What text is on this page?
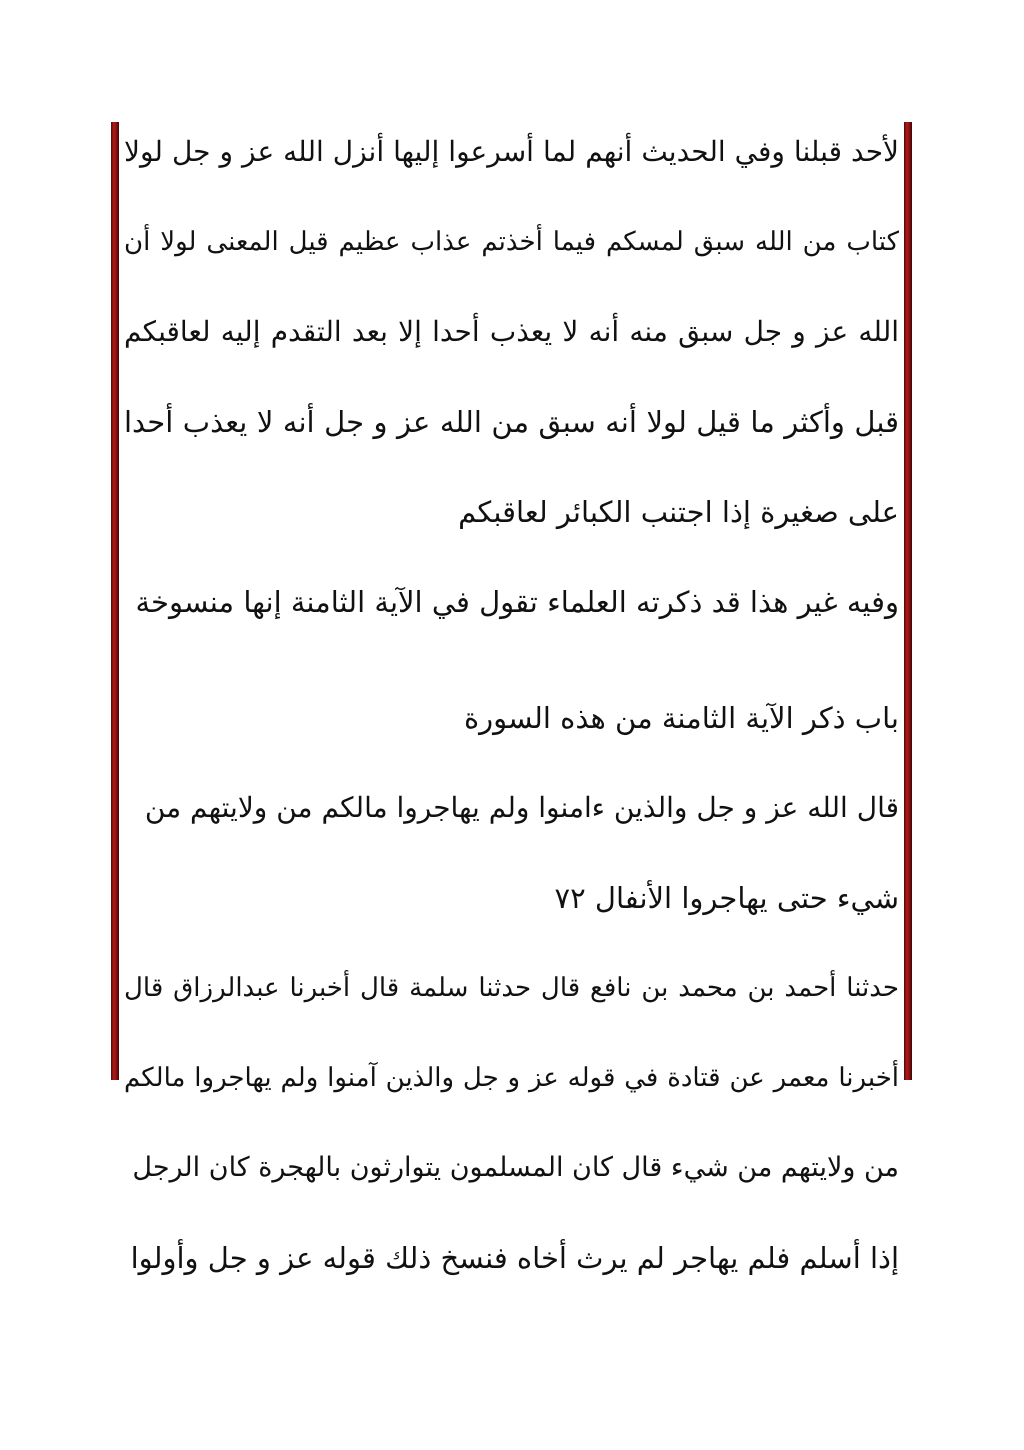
لأحد قبلنا وفي الحديث أنهم لما أسرعوا إليها أنزل الله عز و جل لولا
كتاب من الله سبق لمسكم فيما أخذتم عذاب عظيم قيل المعنى لولا أن
الله عز و جل سبق منه أنه لا يعذب أحدا إلا بعد التقدم إليه لعاقبكم
قبل وأكثر ما قيل لولا أنه سبق من الله عز و جل أنه لا يعذب أحدا
على صغيرة إذا اجتنب الكبائر لعاقبكم
وفيه غير هذا قد ذكرته العلماء تقول في الآية الثامنة إنها منسوخة
باب ذكر الآية الثامنة من هذه السورة
قال الله عز و جل والذين ءامنوا ولم يهاجروا مالكم من ولايتهم من
شيء حتى يهاجروا الأنفال ٧٢
حدثنا أحمد بن محمد بن نافع قال حدثنا سلمة قال أخبرنا عبدالرزاق قال
أخبرنا معمر عن قتادة في قوله عز و جل والذين آمنوا ولم يهاجروا مالكم
من ولايتهم من شيء قال كان المسلمون يتوارثون بالهجرة كان الرجل
إذا أسلم فلم يهاجر لم يرث أخاه فنسخ ذلك قوله عز و جل وأولوا
